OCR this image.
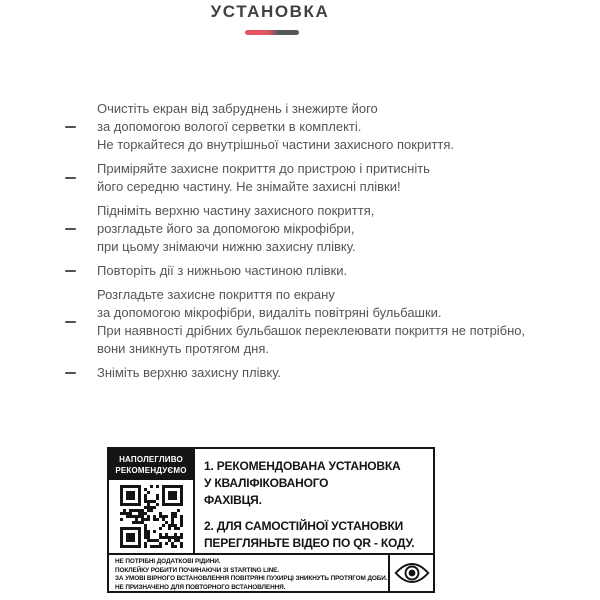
УСТАНОВКА
Очистіть екран від забруднень і знежирте його
за допомогою вологої серветки в комплекті.
Не торкайтеся до внутрішньої частини захисного покриття.
Приміряйте захисне покриття до пристрою і притисніть
його середню частину. Не знімайте захисні плівки!
Підніміть верхню частину захисного покриття,
розгладьте його за допомогою мікрофібри,
при цьому знімаючи нижню захисну плівку.
Повторіть дії з нижньою частиною плівки.
Розгладьте захисне покриття по екрану
за допомогою мікрофібри, видаліть повітряні бульбашки.
При наявності дрібних бульбашок переклеювати покриття не потрібно,
вони зникнуть протягом дня.
Зніміть верхню захисну плівку.
НАПОЛЕГЛИВО
РЕКОМЕНДУЄМО	1. РЕКОМЕНДОВАНА УСТАНОВКА
У КВАЛІФІКОВАНОГО
ФАХІВЦЯ.
2. ДЛЯ САМОСТІЙНОЇ УСТАНОВКИ
ПЕРЕГЛЯНЬТЕ ВІДЕО ПО QR - КОДУ.
НЕ ПОТРІБНІ ДОДАТКОВІ РІДИНИ.
ПОКЛЕЙКУ РОБИТИ ПОЧИНАЮЧИ ЗІ STARTING LINE.
ЗА УМОВІ ВІРНОГО ВСТАНОВЛЕННЯ ПОВІТРЯНІ ПУХИРЦІ ЗНИКНУТЬ ПРОТЯГОМ ДОБИ.
НЕ ПРИЗНАЧЕНО ДЛЯ ПОВТОРНОГО ВСТАНОВЛЕННЯ.
